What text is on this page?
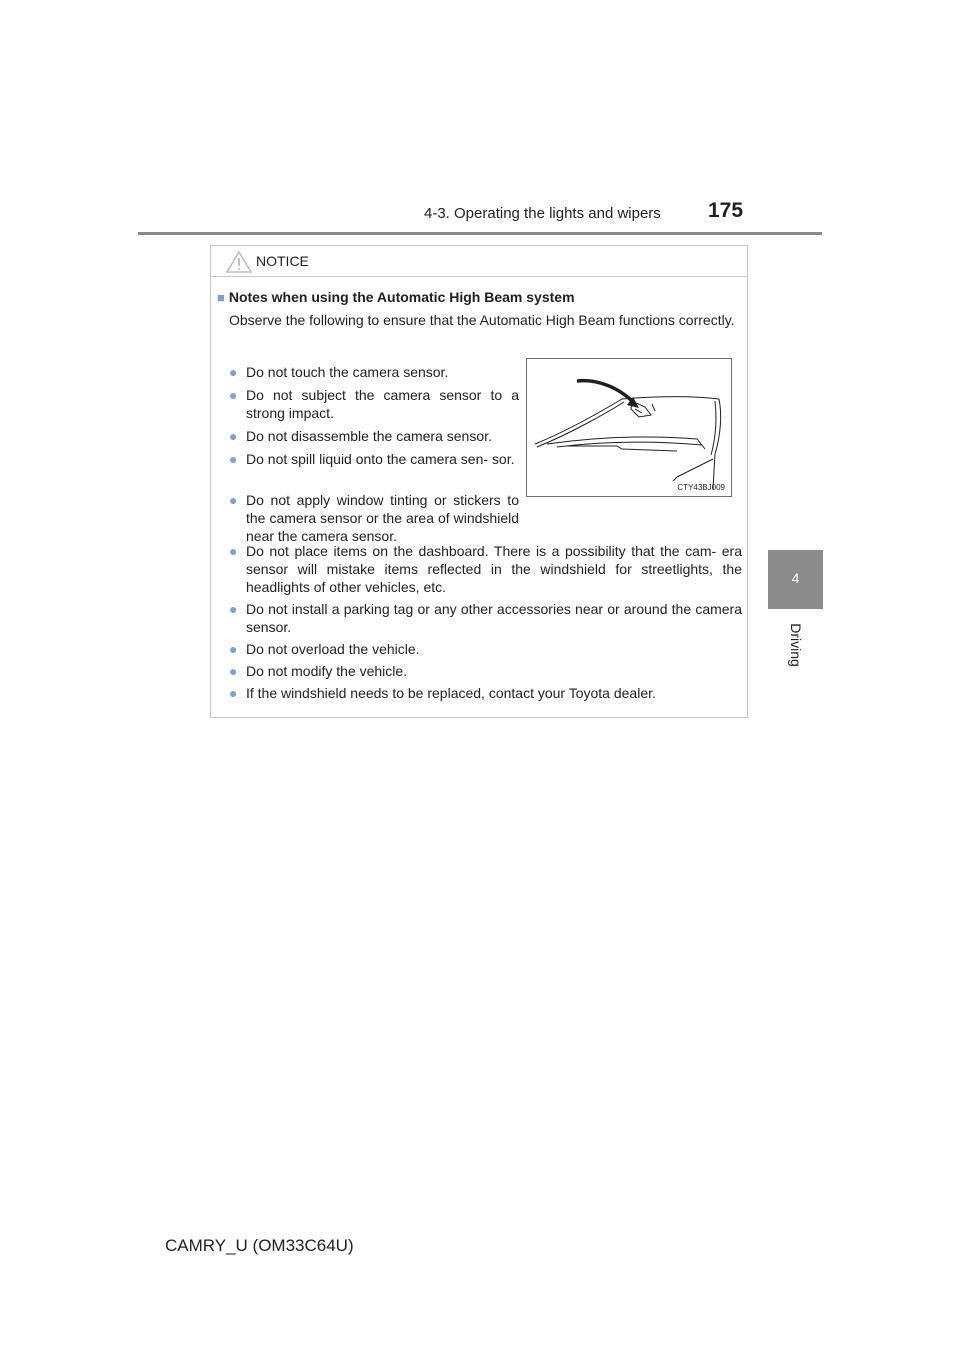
4-3. Operating the lights and wipers 175
4
Driving
NOTICE
■ Notes when using the Automatic High Beam system
Observe the following to ensure that the Automatic High Beam functions correctly.
● Do not touch the camera sensor.
● Do not subject the camera sensor to a strong impact.
● Do not disassemble the camera sensor.
● Do not spill liquid onto the camera sen- sor.
● Do not apply window tinting or stickers to the camera sensor or the area of windshield near the camera sensor.
CTY43BJ009
● Do not place items on the dashboard. There is a possibility that the cam- era sensor will mistake items reflected in the windshield for streetlights, the headlights of other vehicles, etc.
● Do not install a parking tag or any other accessories near or around the camera sensor.
● Do not overload the vehicle.
● Do not modify the vehicle.
● If the windshield needs to be replaced, contact your Toyota dealer.
CAMRY_U (OM33C64U)
